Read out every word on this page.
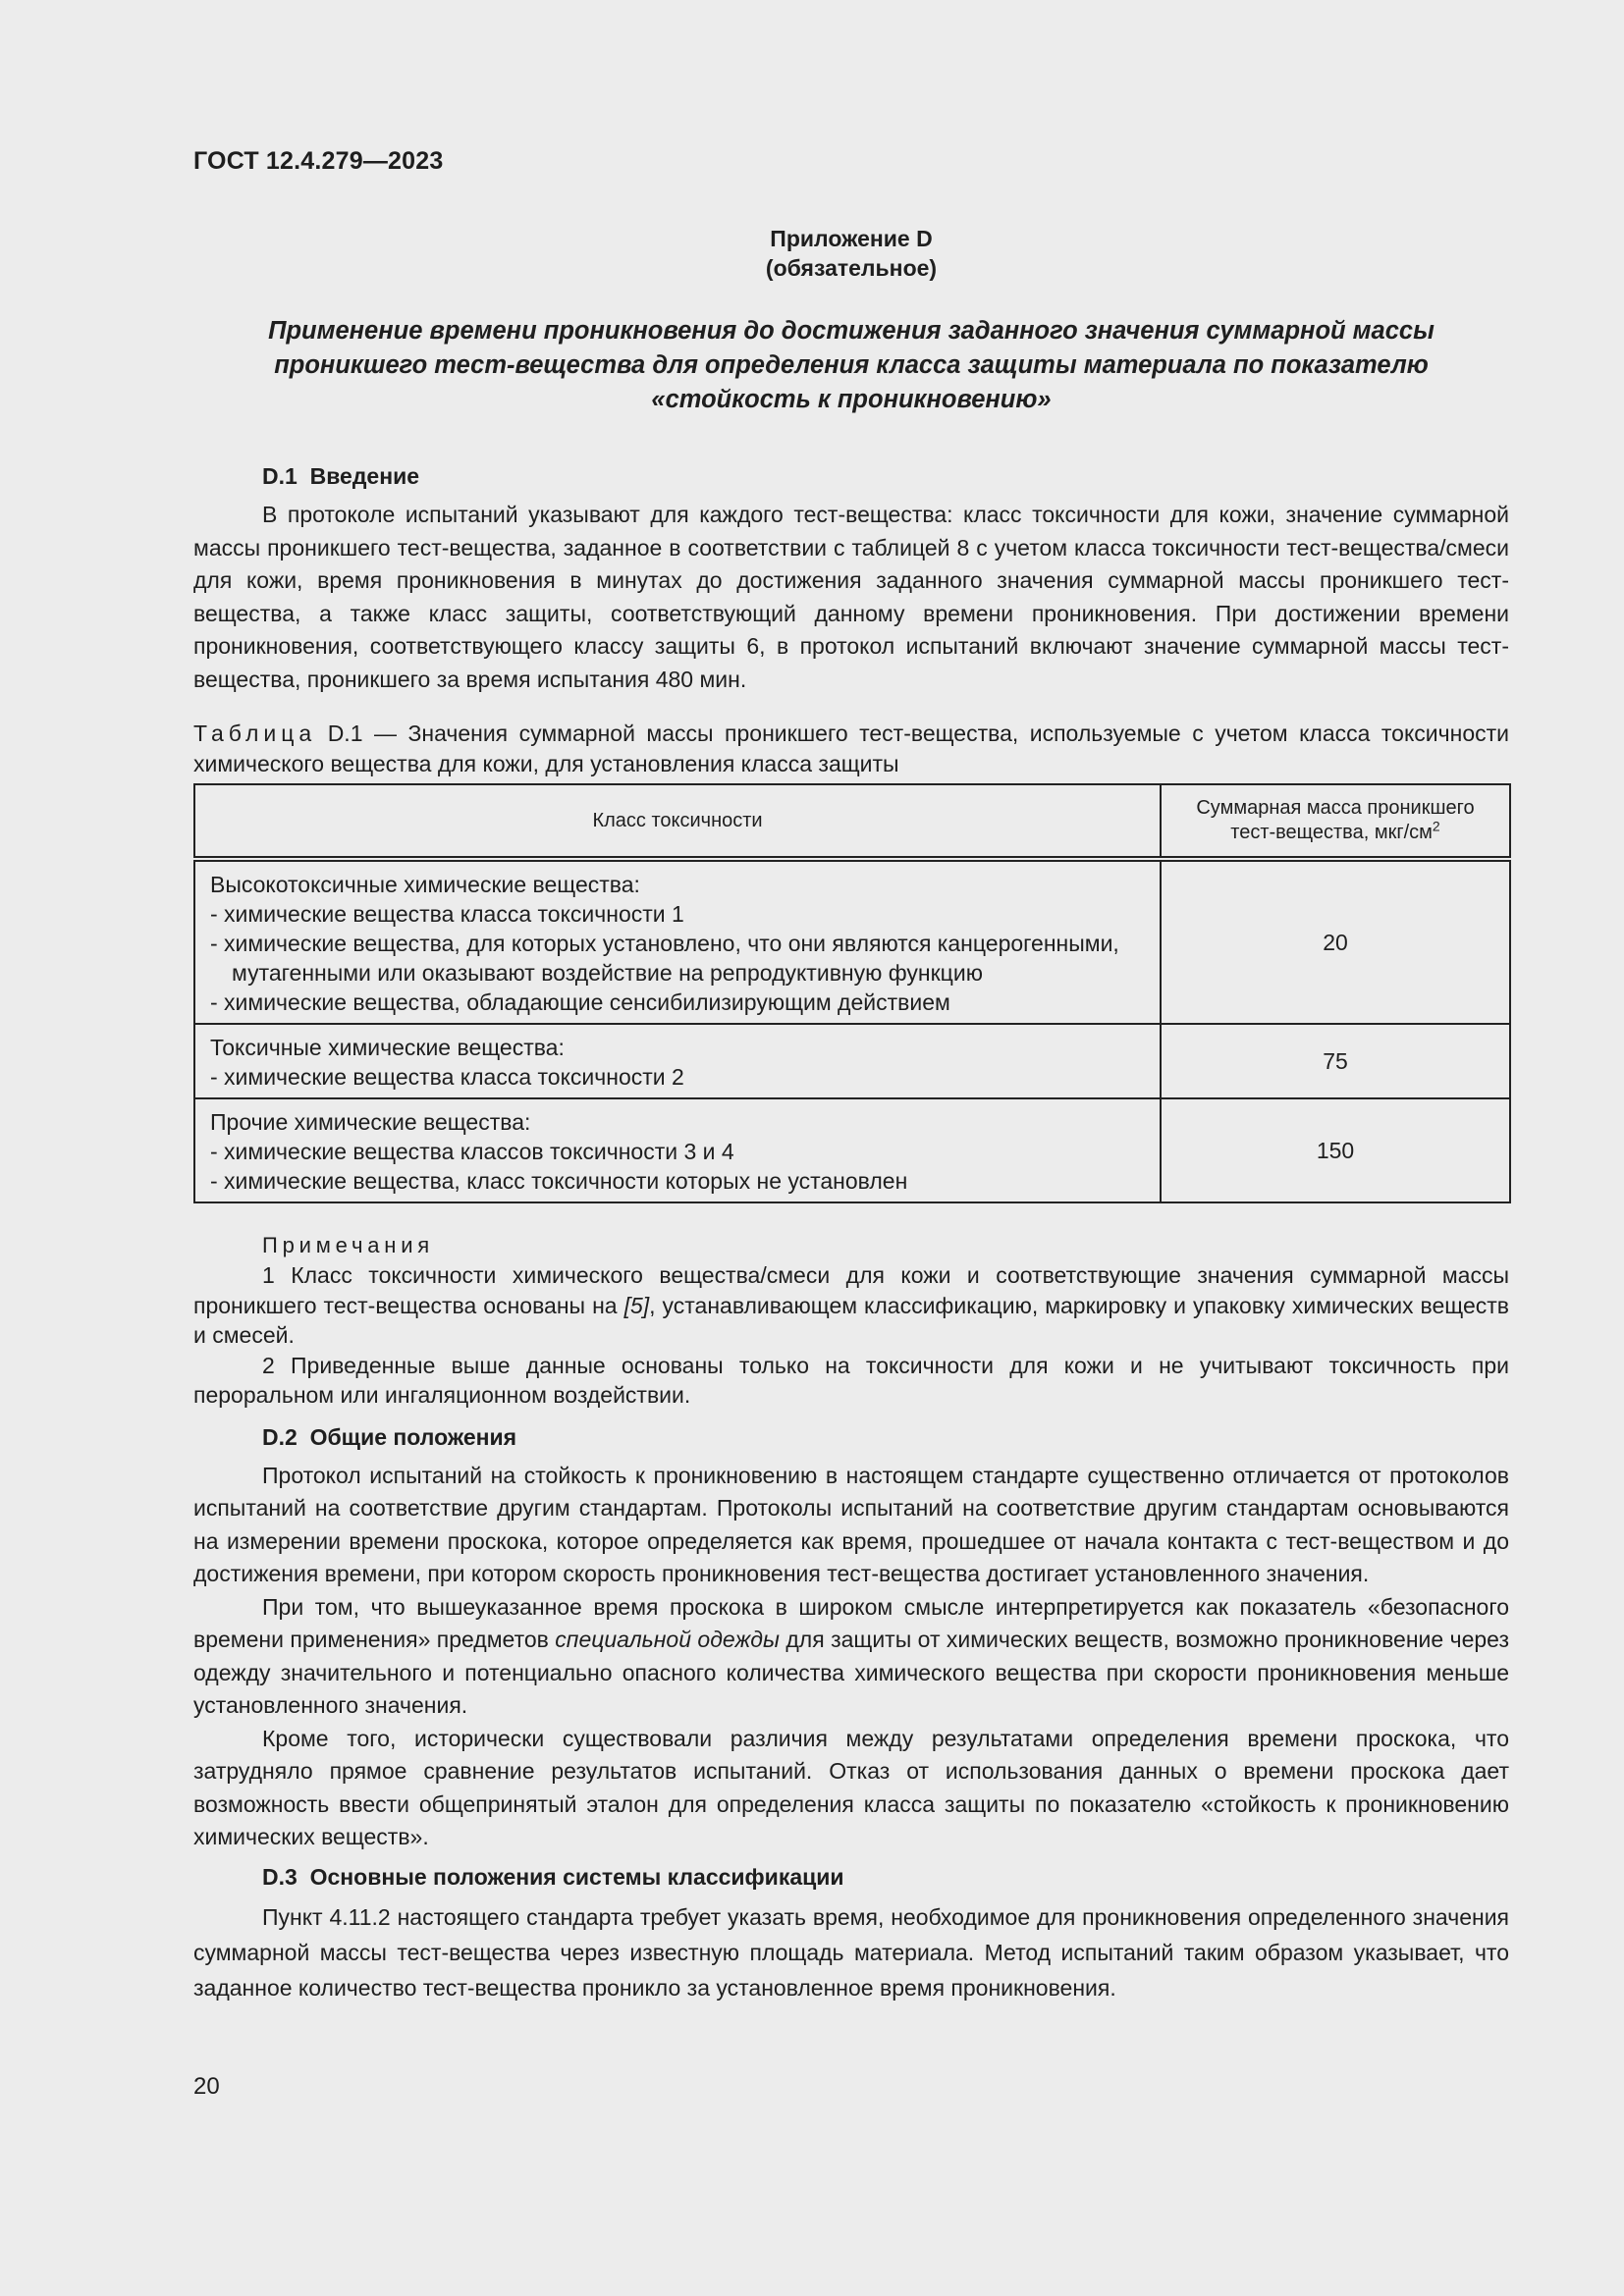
ГОСТ 12.4.279—2023
Приложение D
(обязательное)
Применение времени проникновения до достижения заданного значения суммарной массы
проникшего тест-вещества для определения класса защиты материала по показателю
«стойкость к проникновению»

D.1 Введение

В протоколе испытаний указывают для каждого тест-вещества: класс токсичности для кожи, значение суммарной массы проникшего тест-вещества, заданное в соответствии с таблицей 8 с учетом класса токсичности тест-вещества/смеси для кожи, время проникновения в минутах до достижения заданного значения суммарной массы проникшего тест-вещества, а также класс защиты, соответствующий данному времени проникновения. При достижении времени проникновения, соответствующего классу защиты 6, в протокол испытаний включают значение суммарной массы тест-вещества, проникшего за время испытания 480 мин.

Таблица D.1 — Значения суммарной массы проникшего тест-вещества, используемые с учетом класса токсичности химического вещества для кожи, для установления класса защиты

Класс токсичности	Суммарная масса проникшего
тест-вещества, мкг/$см^2$

Высокотоксичные химические вещества:
- химические вещества класса токсичности 1
- химические вещества, для которых установлено, что они являются канцерогенными, мутагенными или оказывают воздействие на репродуктивную функцию
- химические вещества, обладающие сенсибилизирующим действием	20

Токсичные химические вещества:
- химические вещества класса токсичности 2	75

Прочие химические вещества:
- химические вещества классов токсичности 3 и 4
- химические вещества, класс токсичности которых не установлен	150

Примечания

1 Класс токсичности химического вещества/смеси для кожи и соответствующие значения суммарной массы проникшего тест-вещества основаны на [5], устанавливающем классификацию, маркировку и упаковку химических веществ и смесей.

2 Приведенные выше данные основаны только на токсичности для кожи и не учитывают токсичность при пероральном или ингаляционном воздействии.

D.2 Общие положения

Протокол испытаний на стойкость к проникновению в настоящем стандарте существенно отличается от протоколов испытаний на соответствие другим стандартам. Протоколы испытаний на соответствие другим стандартам основываются на измерении времени проскока, которое определяется как время, прошедшее от начала контакта с тест-веществом и до достижения времени, при котором скорость проникновения тест-вещества достигает установленного значения.

При том, что вышеуказанное время проскока в широком смысле интерпретируется как показатель «безопасного времени применения» предметов специальной одежды для защиты от химических веществ, возможно проникновение через одежду значительного и потенциально опасного количества химического вещества при скорости проникновения меньше установленного значения.

Кроме того, исторически существовали различия между результатами определения времени проскока, что затрудняло прямое сравнение результатов испытаний. Отказ от использования данных о времени проскока дает возможность ввести общепринятый эталон для определения класса защиты по показателю «стойкость к проникновению химических веществ».

D.3 Основные положения системы классификации

Пункт 4.11.2 настоящего стандарта требует указать время, необходимое для проникновения определенного значения суммарной массы тест-вещества через известную площадь материала. Метод испытаний таким образом указывает, что заданное количество тест-вещества проникло за установленное время проникновения.

20
